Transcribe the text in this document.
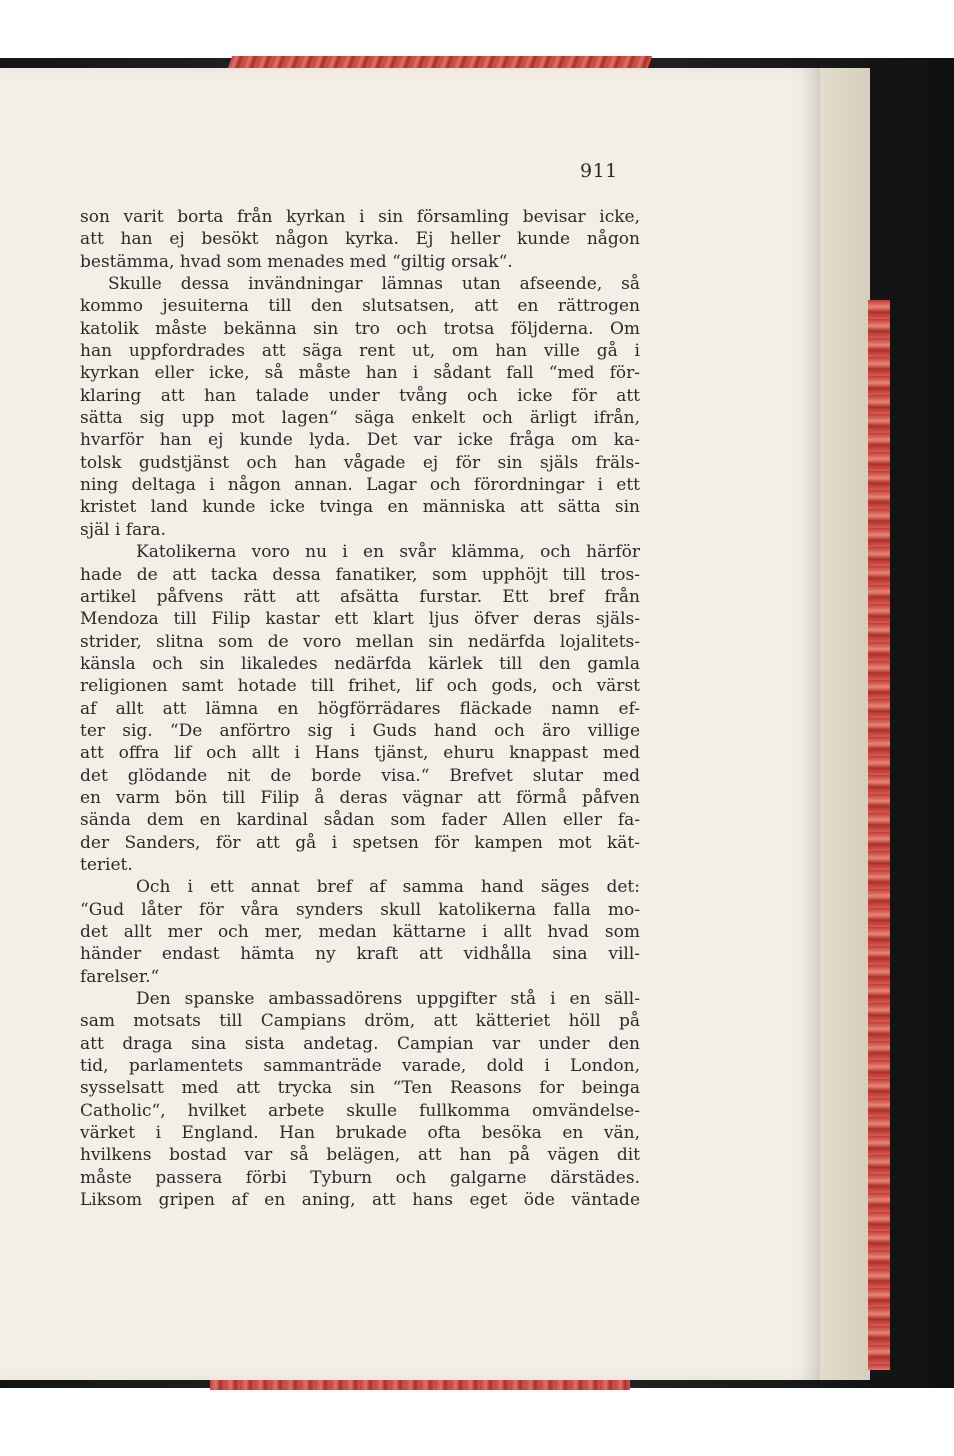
911
son varit borta från kyrkan i sin församling bevisar icke,
att han ej besökt någon kyrka. Ej heller kunde någon
bestämma, hvad som menades med “giltig orsak“.
Skulle dessa invändningar lämnas utan afseende, så
kommo jesuiterna till den slutsatsen, att en rättrogen
katolik måste bekänna sin tro och trotsa följderna. Om
han uppfordrades att säga rent ut, om han ville gå i
kyrkan eller icke, så måste han i sådant fall “med för-
klaring att han talade under tvång och icke för att
sätta sig upp mot lagen“ säga enkelt och ärligt ifrån,
hvarför han ej kunde lyda. Det var icke fråga om ka-
tolsk gudstjänst och han vågade ej för sin själs fräls-
ning deltaga i någon annan. Lagar och förordningar i ett
kristet land kunde icke tvinga en människa att sätta sin
själ i fara.
Katolikerna voro nu i en svår klämma, och härför
hade de att tacka dessa fanatiker, som upphöjt till tros-
artikel påfvens rätt att afsätta furstar. Ett bref från
Mendoza till Filip kastar ett klart ljus öfver deras själs-
strider, slitna som de voro mellan sin nedärfda lojalitets-
känsla och sin likaledes nedärfda kärlek till den gamla
religionen samt hotade till frihet, lif och gods, och värst
af allt att lämna en högförrädares fläckade namn ef-
ter sig. “De anförtro sig i Guds hand och äro villige
att offra lif och allt i Hans tjänst, ehuru knappast med
det glödande nit de borde visa.“ Brefvet slutar med
en varm bön till Filip å deras vägnar att förmå påfven
sända dem en kardinal sådan som fader Allen eller fa-
der Sanders, för att gå i spetsen för kampen mot kät-
teriet.
Och i ett annat bref af samma hand säges det:
“Gud låter för våra synders skull katolikerna falla mo-
det allt mer och mer, medan kättarne i allt hvad som
händer endast hämta ny kraft att vidhålla sina vill-
farelser.“
Den spanske ambassadörens uppgifter stå i en säll-
sam motsats till Campians dröm, att kätteriet höll på
att draga sina sista andetag. Campian var under den
tid, parlamentets sammanträde varade, dold i London,
sysselsatt med att trycka sin “Ten Reasons for beinga
Catholic“, hvilket arbete skulle fullkomma omvändelse-
värket i England. Han brukade ofta besöka en vän,
hvilkens bostad var så belägen, att han på vägen dit
måste passera förbi Tyburn och galgarne därstädes.
Liksom gripen af en aning, att hans eget öde väntade
